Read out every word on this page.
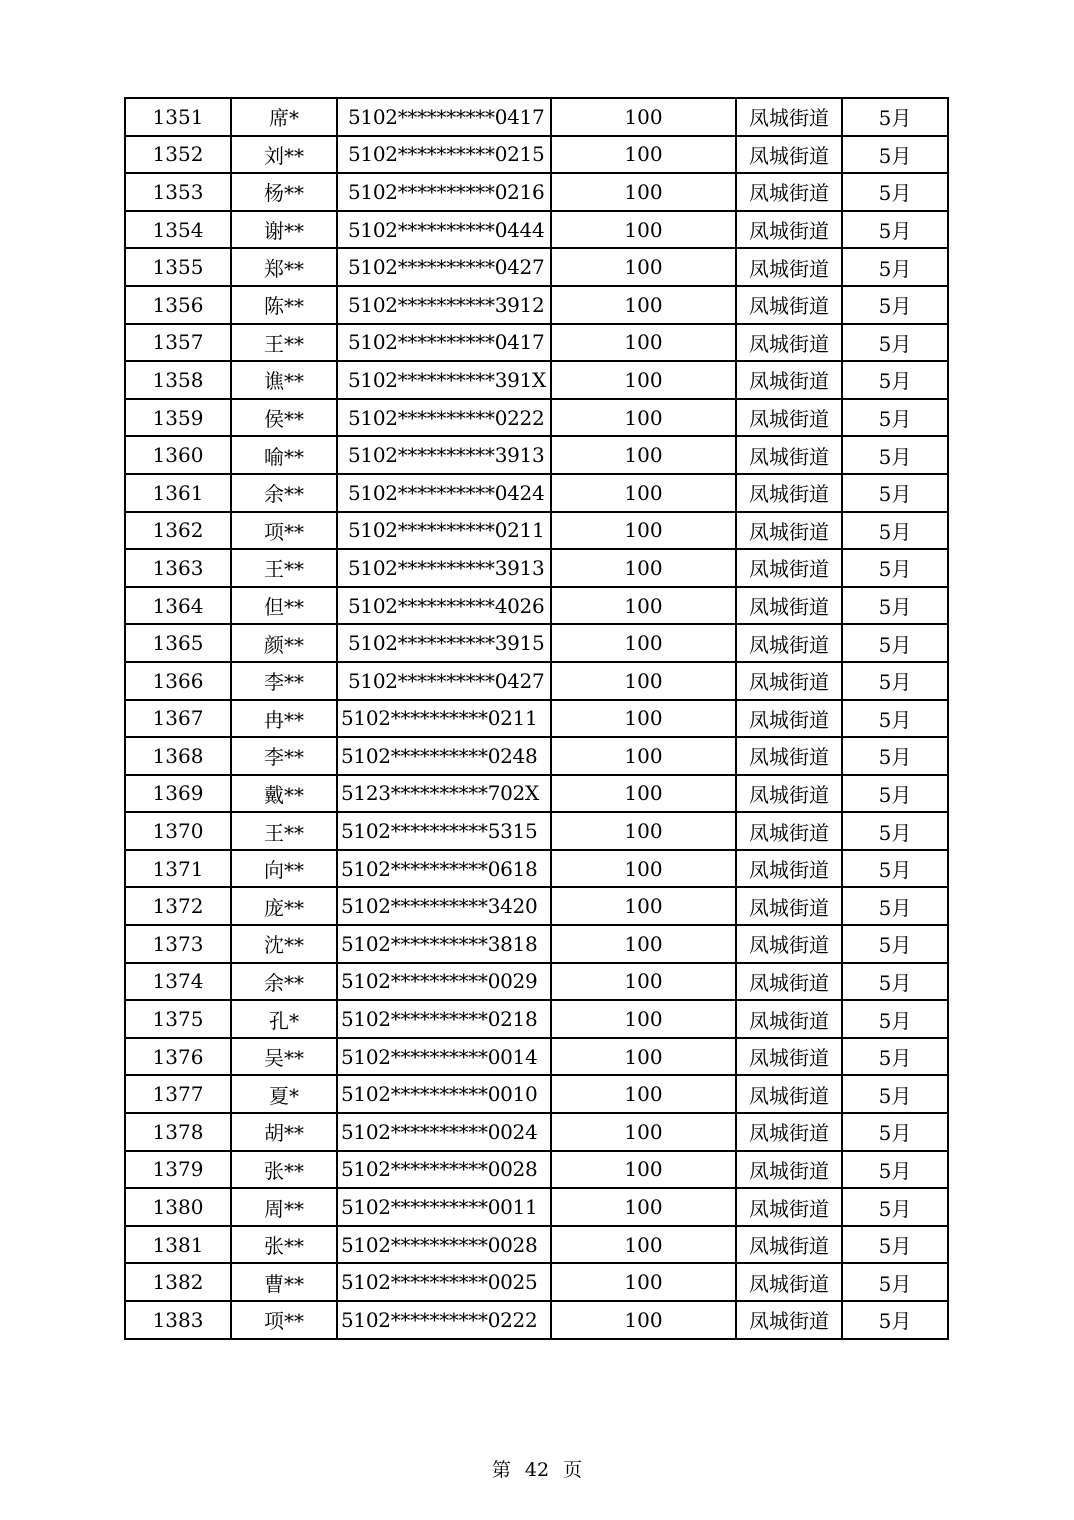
1351	席*	5102**********0417	100	凤城街道	5月
1352	刘**	5102**********0215	100	凤城街道	5月
1353	杨**	5102**********0216	100	凤城街道	5月
1354	谢**	5102**********0444	100	凤城街道	5月
1355	郑**	5102**********0427	100	凤城街道	5月
1356	陈**	5102**********3912	100	凤城街道	5月
1357	王**	5102**********0417	100	凤城街道	5月
1358	谯**	5102**********391X	100	凤城街道	5月
1359	侯**	5102**********0222	100	凤城街道	5月
1360	喻**	5102**********3913	100	凤城街道	5月
1361	余**	5102**********0424	100	凤城街道	5月
1362	项**	5102**********0211	100	凤城街道	5月
1363	王**	5102**********3913	100	凤城街道	5月
1364	但**	5102**********4026	100	凤城街道	5月
1365	颜**	5102**********3915	100	凤城街道	5月
1366	李**	5102**********0427	100	凤城街道	5月
1367	冉**	5102**********0211	100	凤城街道	5月
1368	李**	5102**********0248	100	凤城街道	5月
1369	戴**	5123**********702X	100	凤城街道	5月
1370	王**	5102**********5315	100	凤城街道	5月
1371	向**	5102**********0618	100	凤城街道	5月
1372	庞**	5102**********3420	100	凤城街道	5月
1373	沈**	5102**********3818	100	凤城街道	5月
1374	余**	5102**********0029	100	凤城街道	5月
1375	孔*	5102**********0218	100	凤城街道	5月
1376	吴**	5102**********0014	100	凤城街道	5月
1377	夏*	5102**********0010	100	凤城街道	5月
1378	胡**	5102**********0024	100	凤城街道	5月
1379	张**	5102**********0028	100	凤城街道	5月
1380	周**	5102**********0011	100	凤城街道	5月
1381	张**	5102**********0028	100	凤城街道	5月
1382	曹**	5102**********0025	100	凤城街道	5月
1383	项**	5102**********0222	100	凤城街道	5月
第 42 页
